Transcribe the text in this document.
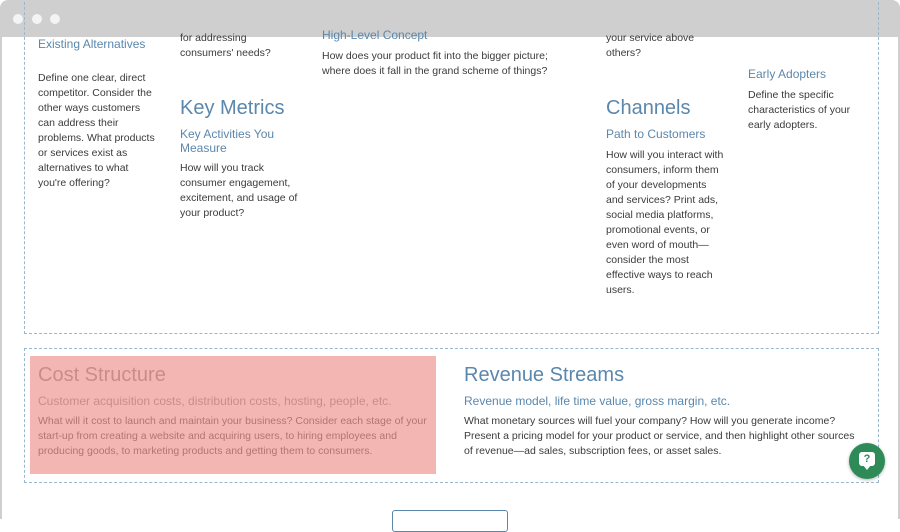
Existing Alternatives
Define one clear, direct competitor. Consider the other ways customers can address their problems. What products or services exist as alternatives to what you're offering?
for addressing consumers' needs?
Key Metrics
Key Activities You Measure
How will you track consumer engagement, excitement, and usage of your product?
High-Level Concept
How does your product fit into the bigger picture; where does it fall in the grand scheme of things?
your service above others?
Channels
Path to Customers
How will you interact with consumers, inform them of your developments and services? Print ads, social media platforms, promotional events, or even word of mouth—consider the most effective ways to reach users.
Early Adopters
Define the specific characteristics of your early adopters.
Cost Structure
Customer acquisition costs, distribution costs, hosting, people, etc.
What will it cost to launch and maintain your business? Consider each stage of your start-up from creating a website and acquiring users, to hiring employees and producing goods, to marketing products and getting them to consumers.
Revenue Streams
Revenue model, life time value, gross margin, etc.
What monetary sources will fuel your company? How will you generate income? Present a pricing model for your product or service, and then highlight other sources of revenue—ad sales, subscription fees, or asset sales.
?
